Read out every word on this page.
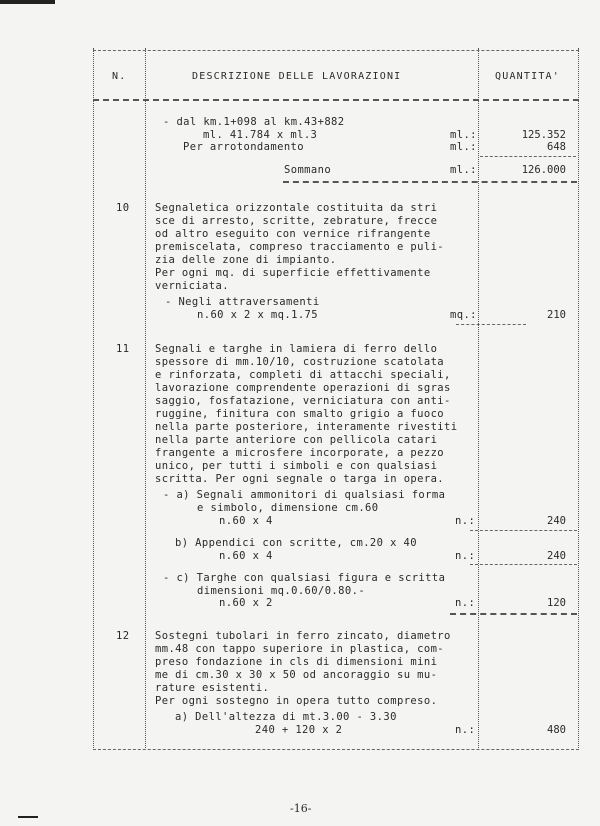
N.	DESCRIZIONE DELLE LAVORAZIONI	QUANTITA'
- dal km.1+098 al km.43+882
ml. 41.784 x ml.3	ml.:	125.352
Per arrotondamento	ml.:	648
Sommano	ml.:	126.000
10 Segnaletica orizzontale costituita da stri
sce di arresto, scritte, zebrature, frecce
od altro eseguito con vernice rifrangente
premiscelata, compreso tracciamento e puli-
zia delle zone di impianto.
Per ogni mq. di superficie effettivamente
verniciata.
- Negli attraversamenti
n.60 x 2 x mq.1.75	mq.:	210
11 Segnali e targhe in lamiera di ferro dello
spessore di mm.10/10, costruzione scatolata
e rinforzata, completi di attacchi speciali,
lavorazione comprendente operazioni di sgras
saggio, fosfatazione, verniciatura con anti-
ruggine, finitura con smalto grigio a fuoco
nella parte posteriore, interamente rivestiti
nella parte anteriore con pellicola catari
frangente a microsfere incorporate, a pezzo
unico, per tutti i simboli e con qualsiasi
scritta. Per ogni segnale o targa in opera.
- a) Segnali ammonitori di qualsiasi forma
e simbolo, dimensione cm.60
n.60 x 4	n.:	240
b) Appendici con scritte, cm.20 x 40
n.60 x 4	n.:	240
- c) Targhe con qualsiasi figura e scritta
dimensioni mq.0.60/0.80.-
n.60 x 2	n.:	120
12 Sostegni tubolari in ferro zincato, diametro
mm.48 con tappo superiore in plastica, com-
preso fondazione in cls di dimensioni mini
me di cm.30 x 30 x 50 od ancoraggio su mu-
rature esistenti.
Per ogni sostegno in opera tutto compreso.
a) Dell'altezza di mt.3.00 - 3.30
240 + 120 x 2	n.:	480
-16-
